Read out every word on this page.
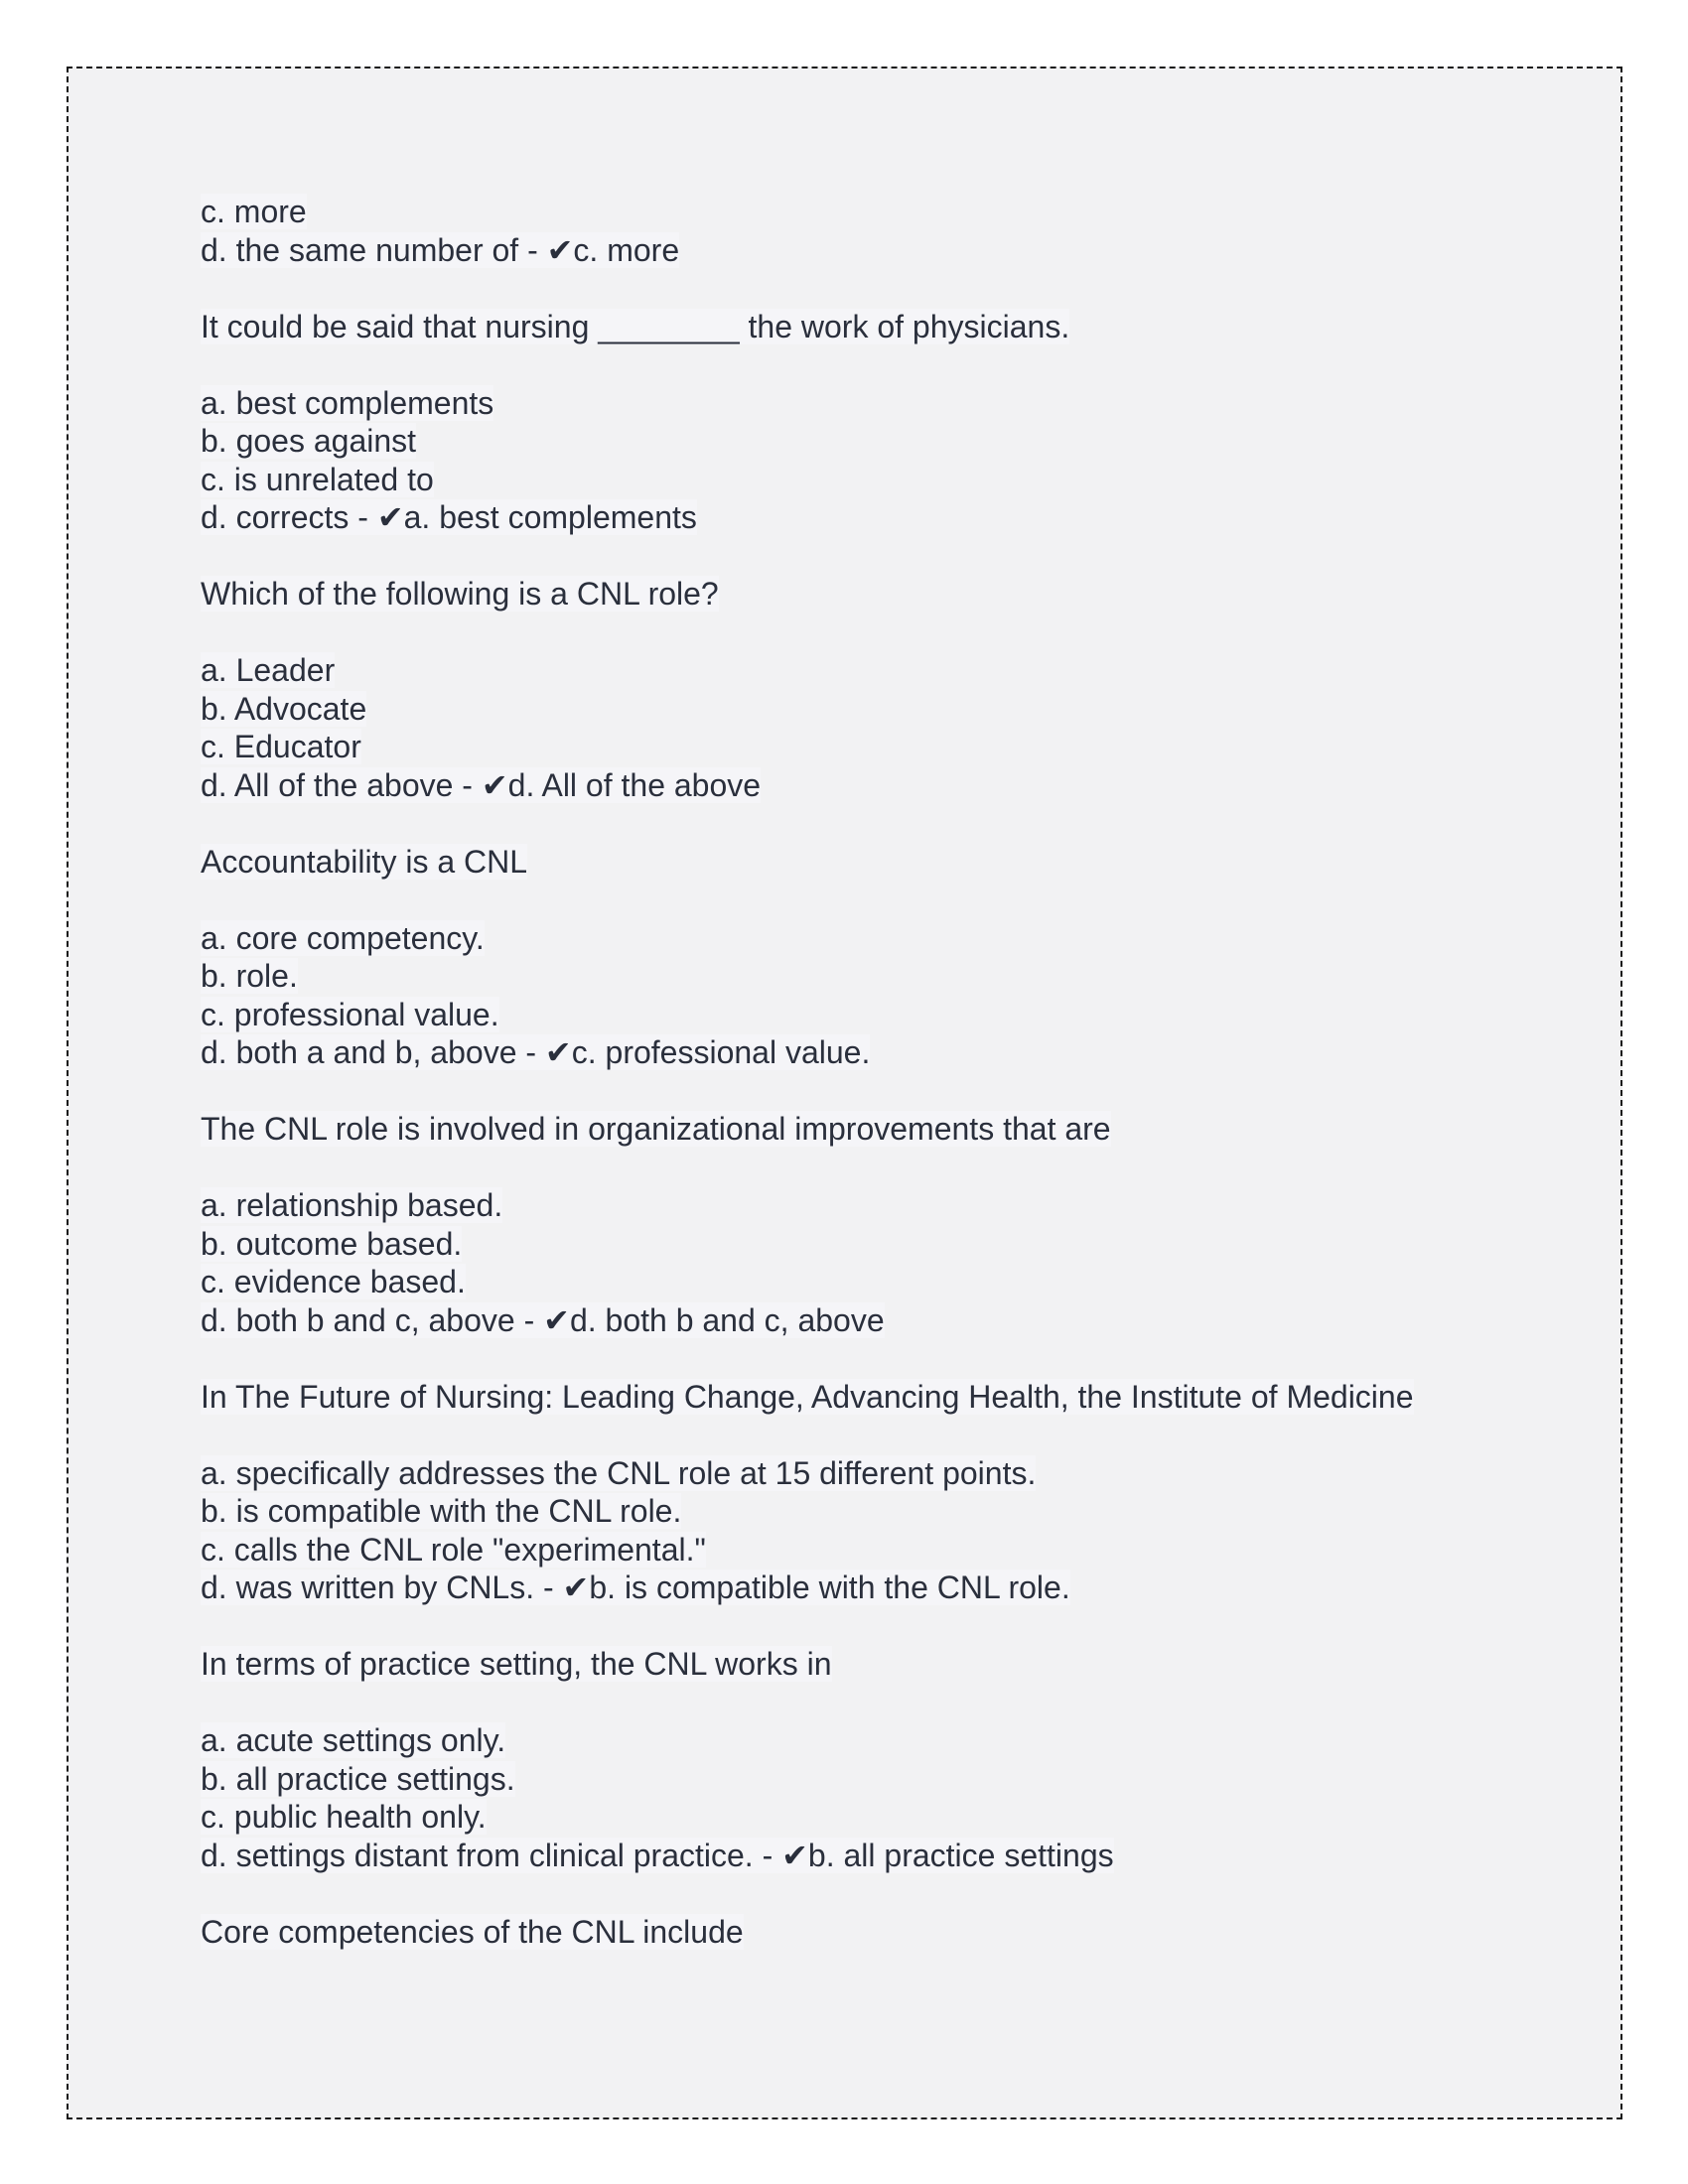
c. more
d. the same number of - ✔c. more
It could be said that nursing ________ the work of physicians.
a. best complements
b. goes against
c. is unrelated to
d. corrects - ✔a. best complements
Which of the following is a CNL role?
a. Leader
b. Advocate
c. Educator
d. All of the above - ✔d. All of the above
Accountability is a CNL
a. core competency.
b. role.
c. professional value.
d. both a and b, above - ✔c. professional value.
The CNL role is involved in organizational improvements that are
a. relationship based.
b. outcome based.
c. evidence based.
d. both b and c, above - ✔d. both b and c, above
In The Future of Nursing: Leading Change, Advancing Health, the Institute of Medicine
a. specifically addresses the CNL role at 15 different points.
b. is compatible with the CNL role.
c. calls the CNL role "experimental."
d. was written by CNLs. - ✔b. is compatible with the CNL role.
In terms of practice setting, the CNL works in
a. acute settings only.
b. all practice settings.
c. public health only.
d. settings distant from clinical practice. - ✔b. all practice settings
Core competencies of the CNL include
